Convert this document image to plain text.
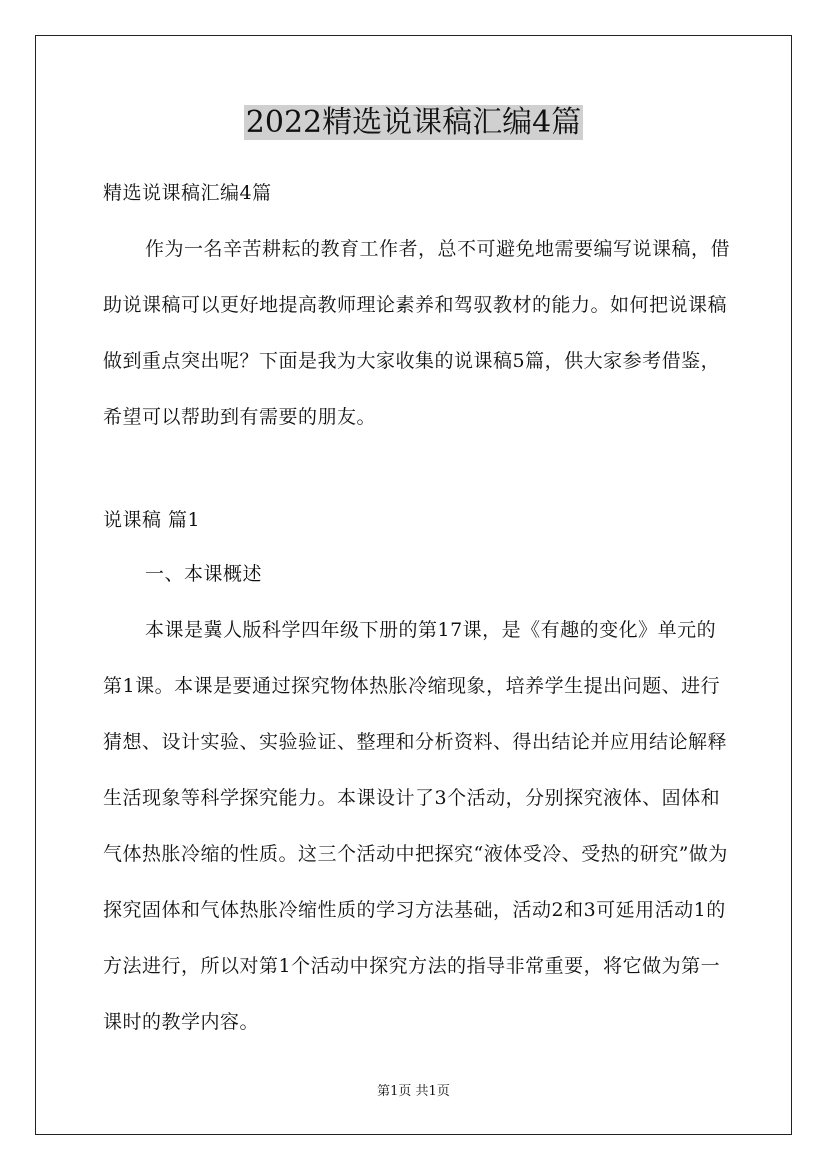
2022精选说课稿汇编4篇

精选说课稿汇编4篇

作为一名辛苦耕耘的教育工作者，总不可避免地需要编写说课稿，借助说课稿可以更好地提高教师理论素养和驾驭教材的能力。如何把说课稿做到重点突出呢？下面是我为大家收集的说课稿5篇，供大家参考借鉴，希望可以帮助到有需要的朋友。

说课稿 篇1

一、本课概述

本课是冀人版科学四年级下册的第17课，是《有趣的变化》单元的第1课。本课是要通过探究物体热胀冷缩现象，培养学生提出问题、进行猜想、设计实验、实验验证、整理和分析资料、得出结论并应用结论解释生活现象等科学探究能力。本课设计了3个活动，分别探究液体、固体和气体热胀冷缩的性质。这三个活动中把探究“液体受冷、受热的研究”做为探究固体和气体热胀冷缩性质的学习方法基础，活动2和3可延用活动1的方法进行，所以对第1个活动中探究方法的指导非常重要，将它做为第一课时的教学内容。

第1页 共1页
